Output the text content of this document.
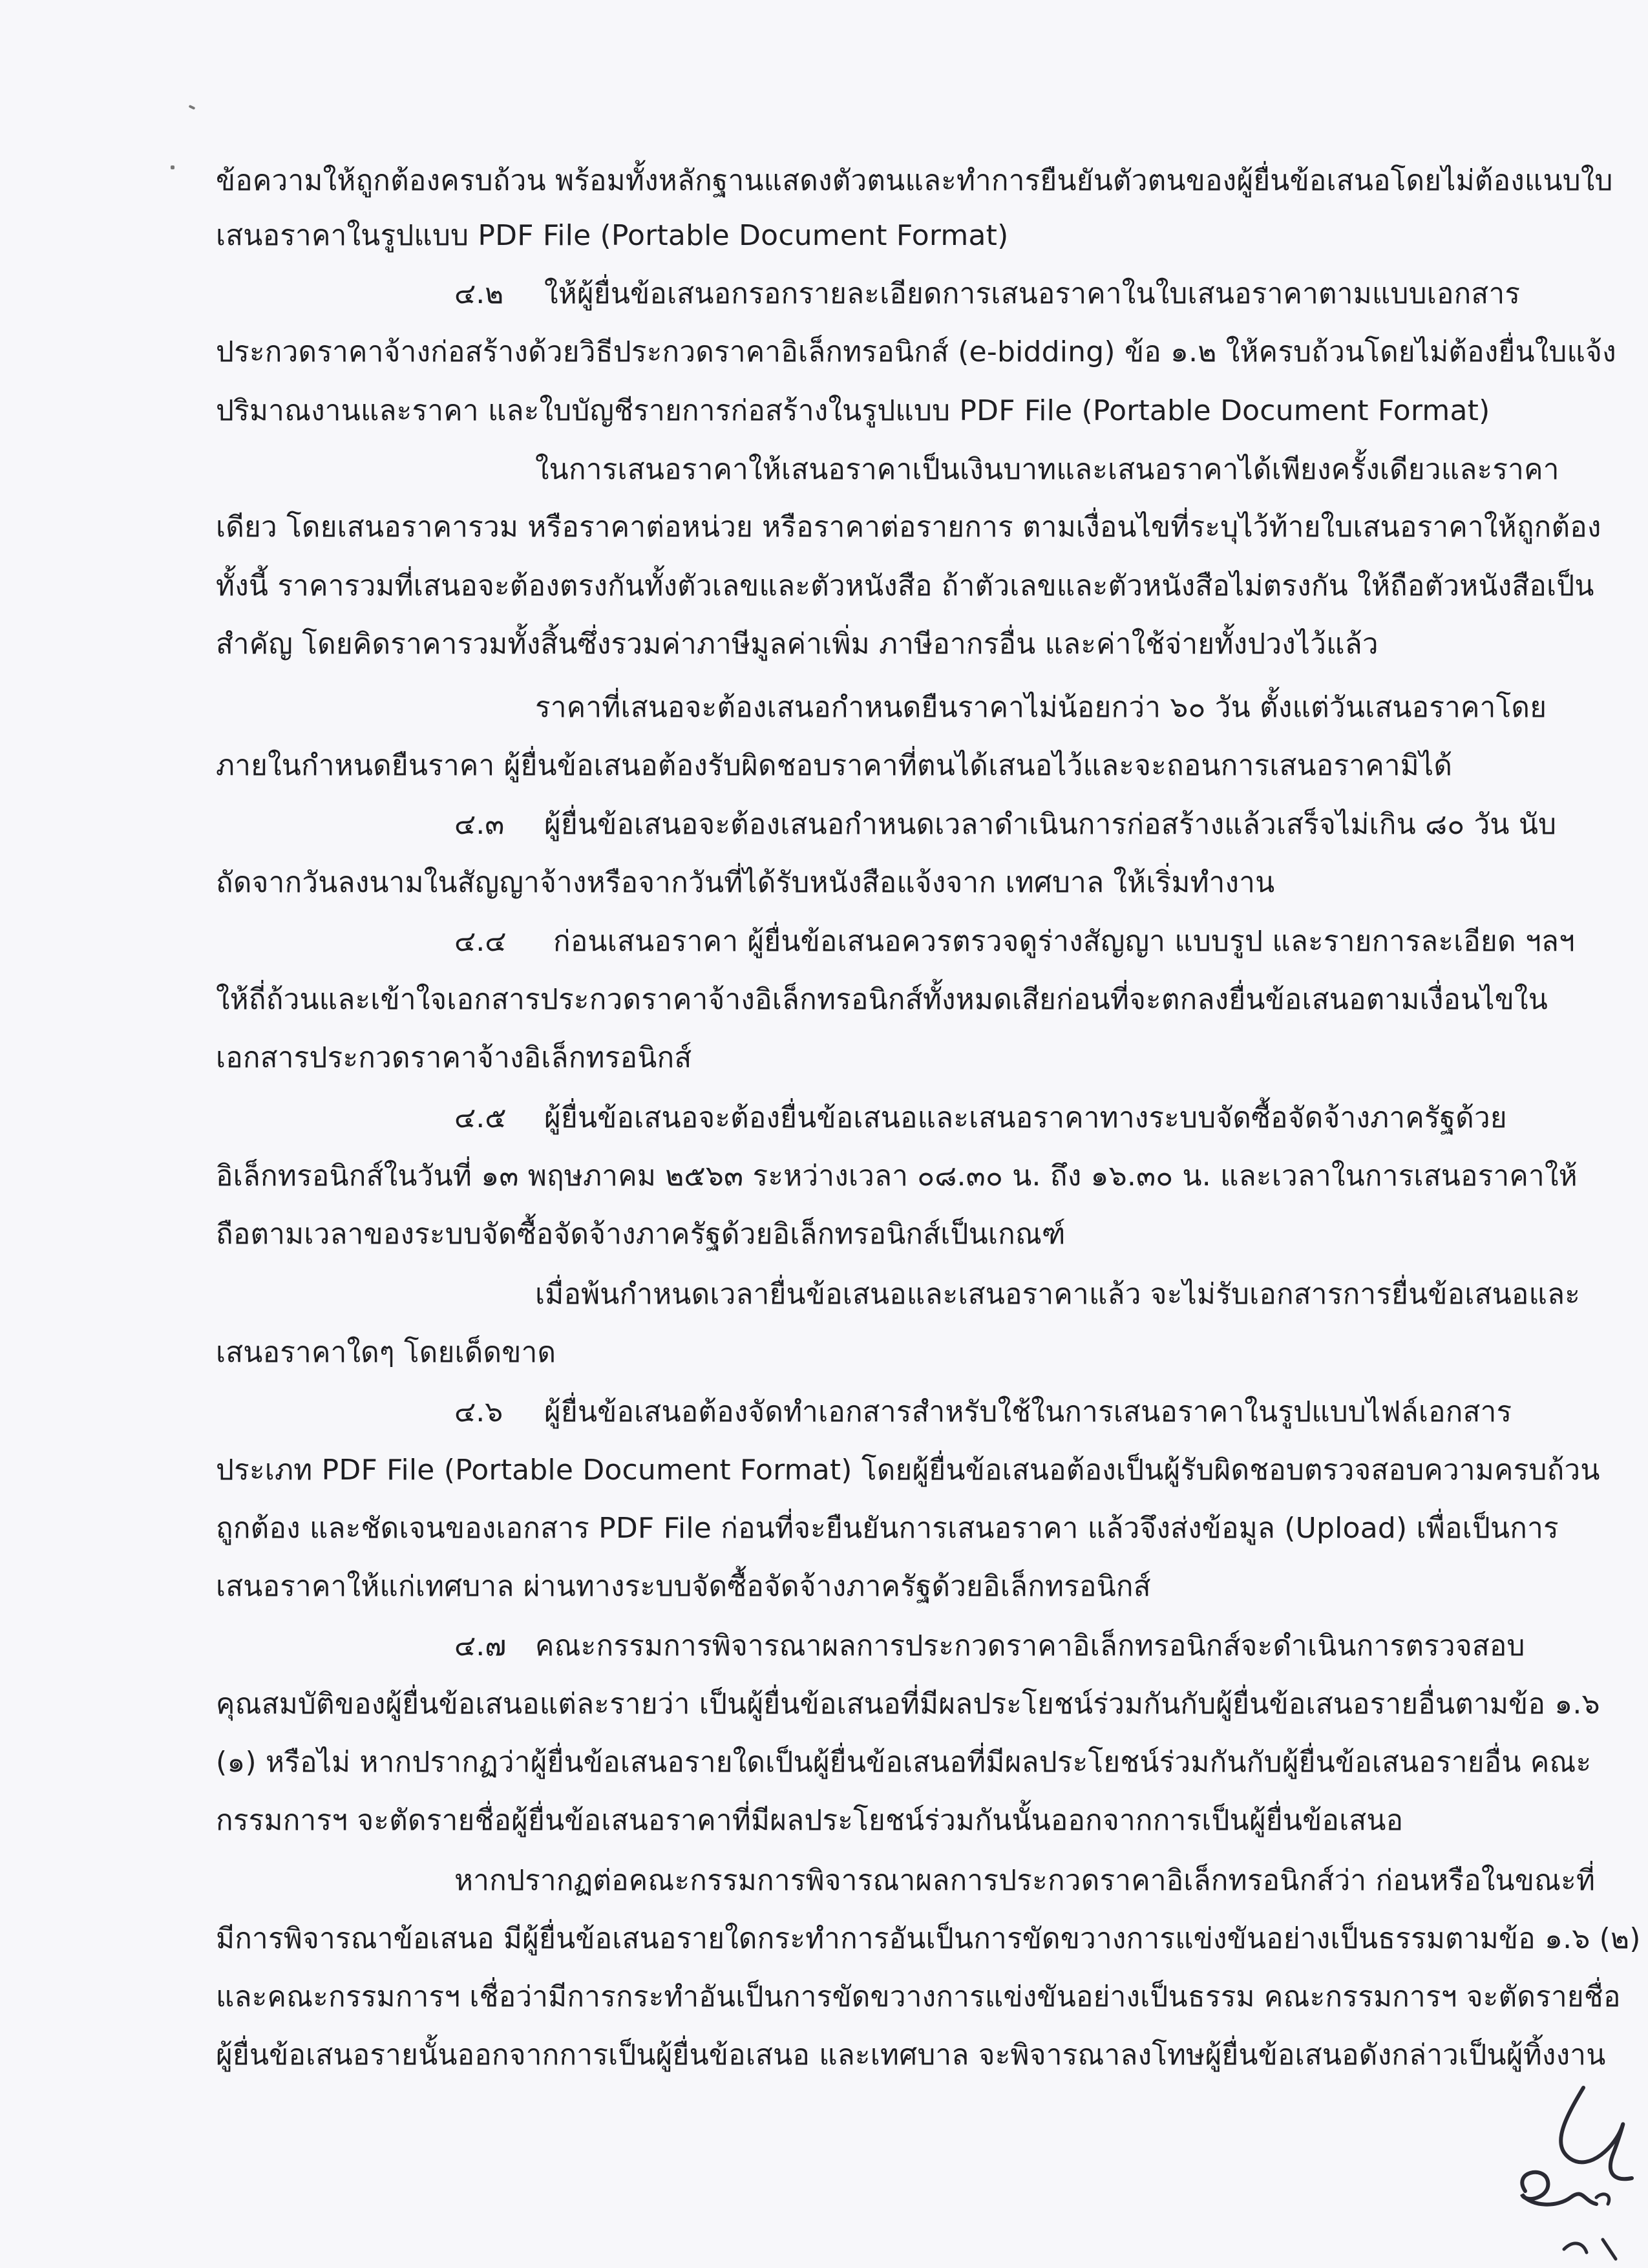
ข้อความให้ถูกต้องครบถ้วน พร้อมทั้งหลักฐานแสดงตัวตนและทำการยืนยันตัวตนของผู้ยื่นข้อเสนอโดยไม่ต้องแนบใบ
เสนอราคาในรูปแบบ PDF File (Portable Document Format)
๔.๒ ให้ผู้ยื่นข้อเสนอกรอกรายละเอียดการเสนอราคาในใบเสนอราคาตามแบบเอกสาร
ประกวดราคาจ้างก่อสร้างด้วยวิธีประกวดราคาอิเล็กทรอนิกส์ (e-bidding) ข้อ ๑.๒ ให้ครบถ้วนโดยไม่ต้องยื่นใบแจ้ง
ปริมาณงานและราคา และใบบัญชีรายการก่อสร้างในรูปแบบ PDF File (Portable Document Format)
ในการเสนอราคาให้เสนอราคาเป็นเงินบาทและเสนอราคาได้เพียงครั้งเดียวและราคา
เดียว โดยเสนอราคารวม หรือราคาต่อหน่วย หรือราคาต่อรายการ ตามเงื่อนไขที่ระบุไว้ท้ายใบเสนอราคาให้ถูกต้อง
ทั้งนี้ ราคารวมที่เสนอจะต้องตรงกันทั้งตัวเลขและตัวหนังสือ ถ้าตัวเลขและตัวหนังสือไม่ตรงกัน ให้ถือตัวหนังสือเป็น
สำคัญ โดยคิดราคารวมทั้งสิ้นซึ่งรวมค่าภาษีมูลค่าเพิ่ม ภาษีอากรอื่น และค่าใช้จ่ายทั้งปวงไว้แล้ว
ราคาที่เสนอจะต้องเสนอกำหนดยืนราคาไม่น้อยกว่า ๖๐ วัน ตั้งแต่วันเสนอราคาโดย
ภายในกำหนดยืนราคา ผู้ยื่นข้อเสนอต้องรับผิดชอบราคาที่ตนได้เสนอไว้และจะถอนการเสนอราคามิได้
๔.๓ ผู้ยื่นข้อเสนอจะต้องเสนอกำหนดเวลาดำเนินการก่อสร้างแล้วเสร็จไม่เกิน ๘๐ วัน นับ
ถัดจากวันลงนามในสัญญาจ้างหรือจากวันที่ได้รับหนังสือแจ้งจาก เทศบาล ให้เริ่มทำงาน
๔.๔ ก่อนเสนอราคา ผู้ยื่นข้อเสนอควรตรวจดูร่างสัญญา แบบรูป และรายการละเอียด ฯลฯ
ให้ถี่ถ้วนและเข้าใจเอกสารประกวดราคาจ้างอิเล็กทรอนิกส์ทั้งหมดเสียก่อนที่จะตกลงยื่นข้อเสนอตามเงื่อนไขใน
เอกสารประกวดราคาจ้างอิเล็กทรอนิกส์
๔.๕ ผู้ยื่นข้อเสนอจะต้องยื่นข้อเสนอและเสนอราคาทางระบบจัดซื้อจัดจ้างภาครัฐด้วย
อิเล็กทรอนิกส์ในวันที่ ๑๓ พฤษภาคม ๒๕๖๓ ระหว่างเวลา ๐๘.๓๐ น. ถึง ๑๖.๓๐ น. และเวลาในการเสนอราคาให้
ถือตามเวลาของระบบจัดซื้อจัดจ้างภาครัฐด้วยอิเล็กทรอนิกส์เป็นเกณฑ์
เมื่อพ้นกำหนดเวลายื่นข้อเสนอและเสนอราคาแล้ว จะไม่รับเอกสารการยื่นข้อเสนอและ
เสนอราคาใดๆ โดยเด็ดขาด
๔.๖ ผู้ยื่นข้อเสนอต้องจัดทำเอกสารสำหรับใช้ในการเสนอราคาในรูปแบบไฟล์เอกสาร
ประเภท PDF File (Portable Document Format) โดยผู้ยื่นข้อเสนอต้องเป็นผู้รับผิดชอบตรวจสอบความครบถ้วน
ถูกต้อง และชัดเจนของเอกสาร PDF File ก่อนที่จะยืนยันการเสนอราคา แล้วจึงส่งข้อมูล (Upload) เพื่อเป็นการ
เสนอราคาให้แก่เทศบาล ผ่านทางระบบจัดซื้อจัดจ้างภาครัฐด้วยอิเล็กทรอนิกส์
๔.๗ คณะกรรมการพิจารณาผลการประกวดราคาอิเล็กทรอนิกส์จะดำเนินการตรวจสอบ
คุณสมบัติของผู้ยื่นข้อเสนอแต่ละรายว่า เป็นผู้ยื่นข้อเสนอที่มีผลประโยชน์ร่วมกันกับผู้ยื่นข้อเสนอรายอื่นตามข้อ ๑.๖
(๑) หรือไม่ หากปรากฏว่าผู้ยื่นข้อเสนอรายใดเป็นผู้ยื่นข้อเสนอที่มีผลประโยชน์ร่วมกันกับผู้ยื่นข้อเสนอรายอื่น คณะ
กรรมการฯ จะตัดรายชื่อผู้ยื่นข้อเสนอราคาที่มีผลประโยชน์ร่วมกันนั้นออกจากการเป็นผู้ยื่นข้อเสนอ
หากปรากฏต่อคณะกรรมการพิจารณาผลการประกวดราคาอิเล็กทรอนิกส์ว่า ก่อนหรือในขณะที่
มีการพิจารณาข้อเสนอ มีผู้ยื่นข้อเสนอรายใดกระทำการอันเป็นการขัดขวางการแข่งขันอย่างเป็นธรรมตามข้อ ๑.๖ (๒)
และคณะกรรมการฯ เชื่อว่ามีการกระทำอันเป็นการขัดขวางการแข่งขันอย่างเป็นธรรม คณะกรรมการฯ จะตัดรายชื่อ
ผู้ยื่นข้อเสนอรายนั้นออกจากการเป็นผู้ยื่นข้อเสนอ และเทศบาล จะพิจารณาลงโทษผู้ยื่นข้อเสนอดังกล่าวเป็นผู้ทิ้งงาน
